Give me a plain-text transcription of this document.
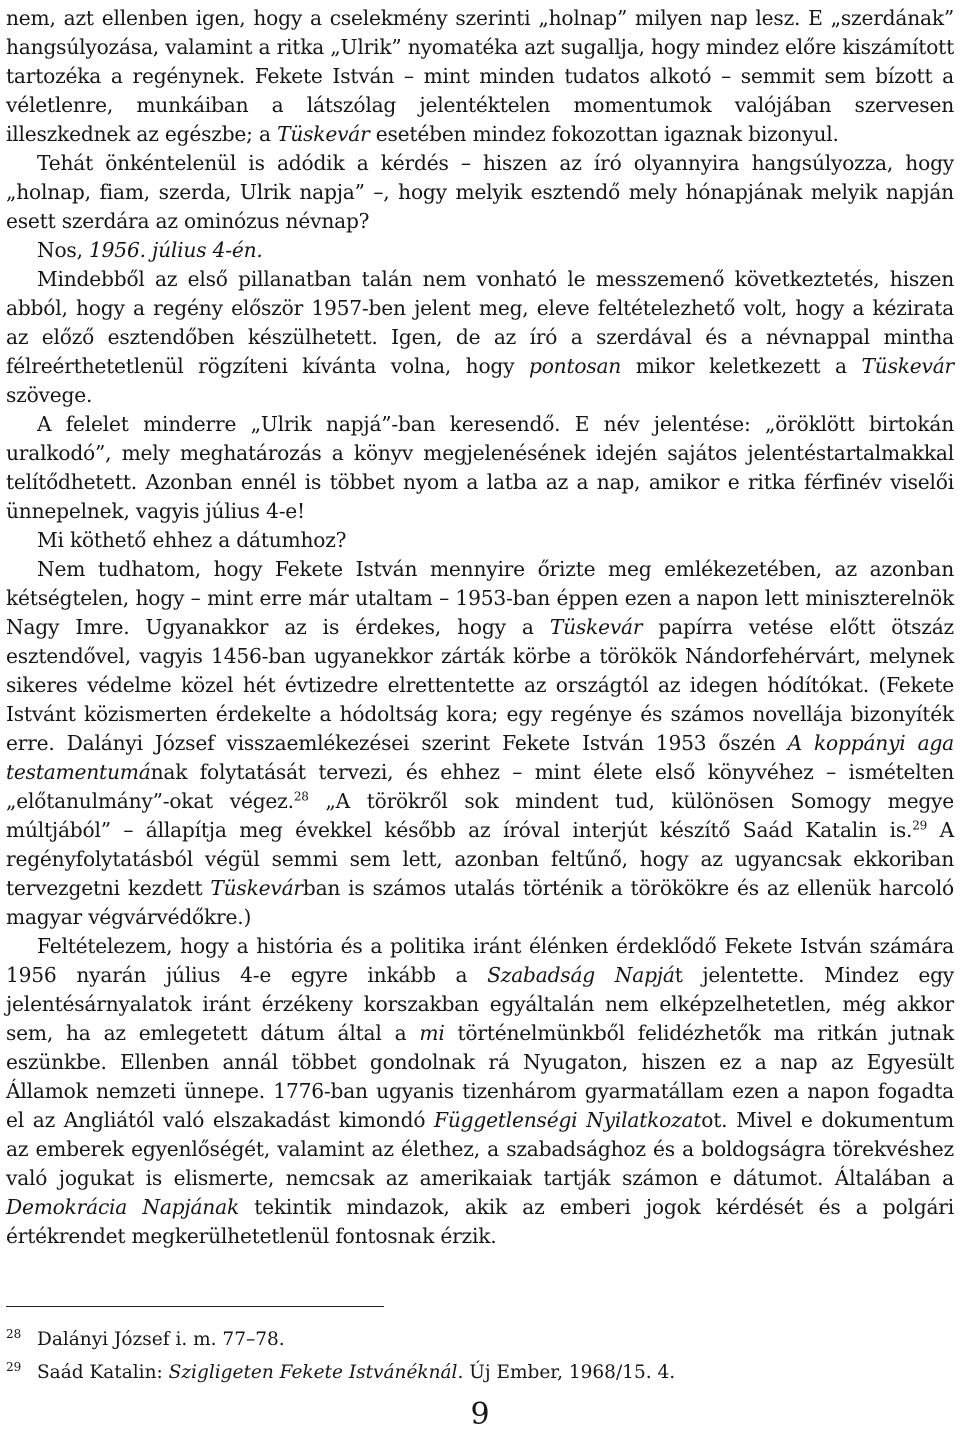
nem, azt ellenben igen, hogy a cselekmény szerinti „holnap” milyen nap lesz. E „szerdának” hangsúlyozása, valamint a ritka „Ulrik” nyomatéka azt sugallja, hogy mindez előre kiszámított tartozéka a regénynek. Fekete István – mint minden tudatos alkotó – semmit sem bízott a véletlenre, munkáiban a látszólag jelentéktelen momentumok valójában szervesen illeszkednek az egészbe; a Tüskevár esetében mindez fokozottan igaznak bizonyul.

Tehát önkéntelenül is adódik a kérdés – hiszen az író olyannyira hangsúlyozza, hogy „holnap, fiam, szerda, Ulrik napja” –, hogy melyik esztendő mely hónapjának melyik napján esett szerdára az ominózus névnap?

Nos, 1956. július 4-én.

Mindebből az első pillanatban talán nem vonható le messzemenő következtetés, hiszen abból, hogy a regény először 1957-ben jelent meg, eleve feltételezhető volt, hogy a kézirata az előző esztendőben készülhetett. Igen, de az író a szerdával és a névnappal mintha félreérthetetlenül rögzíteni kívánta volna, hogy pontosan mikor keletkezett a Tüskevár szövege.

A felelet minderre „Ulrik napjá”-ban keresendő. E név jelentése: „öröklött birtokán uralkodó”, mely meghatározás a könyv megjelenésének idején sajátos jelentéstartalmakkal telítődhetett. Azonban ennél is többet nyom a latba az a nap, amikor e ritka férfinév viselői ünnepelnek, vagyis július 4-e!

Mi köthető ehhez a dátumhoz?

Nem tudhatom, hogy Fekete István mennyire őrizte meg emlékezetében, az azonban kétségtelen, hogy – mint erre már utaltam – 1953-ban éppen ezen a napon lett miniszterelnök Nagy Imre. Ugyanakkor az is érdekes, hogy a Tüskevár papírra vetése előtt ötszáz esztendővel, vagyis 1456-ban ugyanekkor zárták körbe a törökök Nándorfehérvárt, melynek sikeres védelme közel hét évtizedre elrettentette az országtól az idegen hódítókat. (Fekete Istvánt közismerten érdekelte a hódoltság kora; egy regénye és számos novellája bizonyíték erre. Dalányi József visszaemlékezései szerint Fekete István 1953 őszén A koppányi aga testamentumának folytatását tervezi, és ehhez – mint élete első könyvéhez – ismételten „előtanulmány”-okat végez.$^{28}$ „A törökről sok mindent tud, különösen Somogy megye múltjából” – állapítja meg évekkel később az íróval interjút készítő Saád Katalin is.$^{29}$ A regényfolytatásból végül semmi sem lett, azonban feltűnő, hogy az ugyancsak ekkoriban tervezgetni kezdett Tüskevárban is számos utalás történik a törökökre és az ellenük harcoló magyar végvárvédőkre.)

Feltételezem, hogy a história és a politika iránt élénken érdeklődő Fekete István számára 1956 nyarán július 4-e egyre inkább a Szabadság Napját jelentette. Mindez egy jelentésárnyalatok iránt érzékeny korszakban egyáltalán nem elképzelhetetlen, még akkor sem, ha az emlegetett dátum által a mi történelmünkből felidézhetők ma ritkán jutnak eszünkbe. Ellenben annál többet gondolnak rá Nyugaton, hiszen ez a nap az Egyesült Államok nemzeti ünnepe. 1776-ban ugyanis tizenhárom gyarmatállam ezen a napon fogadta el az Angliától való elszakadást kimondó Függetlenségi Nyilatkozatot. Mivel e dokumentum az emberek egyenlőségét, valamint az élethez, a szabadsághoz és a boldogságra törekvéshez való jogukat is elismerte, nemcsak az amerikaiak tartják számon e dátumot. Általában a Demokrácia Napjának tekintik mindazok, akik az emberi jogok kérdését és a polgári értékrendet megkerülhetetlenül fontosnak érzik.

28 Dalányi József i. m. 77–78.
29 Saád Katalin: Szigligeten Fekete Istvánéknál. Új Ember, 1968/15. 4.
9
